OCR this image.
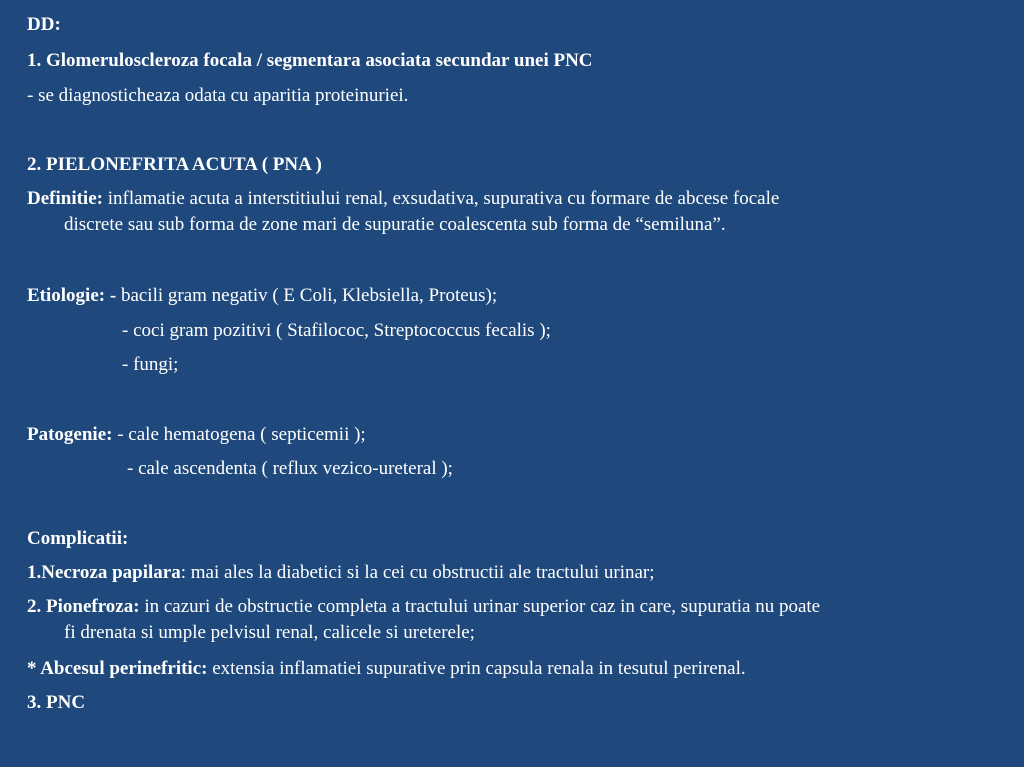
DD:
1. Glomeruloscleroza focala / segmentara asociata secundar unei PNC
- se diagnosticheaza odata cu aparitia proteinuriei.
2. PIELONEFRITA ACUTA ( PNA )
Definitie: inflamatie acuta a interstitiului renal, exsudativa, supurativa cu formare de abcese focale
discrete sau sub forma de zone mari de supuratie coalescenta sub forma de “semiluna”.
Etiologie: - bacili gram negativ ( E Coli, Klebsiella, Proteus);
- coci gram pozitivi ( Stafilococ, Streptococcus fecalis );
- fungi;
Patogenie: - cale hematogena ( septicemii );
- cale ascendenta ( reflux vezico-ureteral );
Complicatii:
1.Necroza papilara: mai ales la diabetici si la cei cu obstructii ale tractului urinar;
2. Pionefroza: in cazuri de obstructie completa a tractului urinar superior caz in care, supuratia nu poate
fi drenata si umple pelvisul renal, calicele si ureterele;
* Abcesul perinefritic: extensia inflamatiei supurative prin capsula renala in tesutul perirenal.
3. PNC
